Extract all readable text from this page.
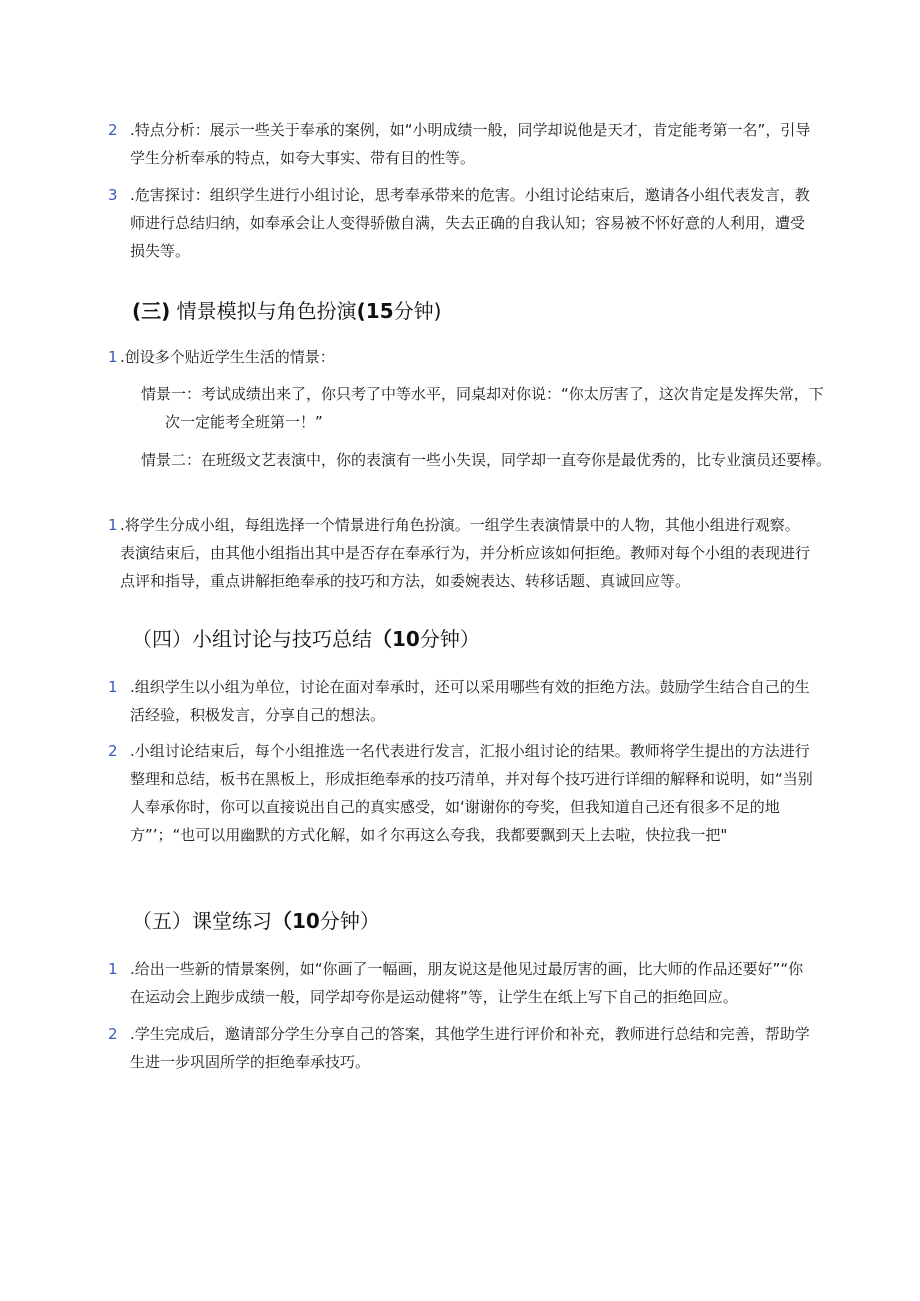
2 .特点分析：展示一些关于奉承的案例，如“小明成绩一般，同学却说他是天才，肯定能考第一名”，引导学生分析奉承的特点，如夸大事实、带有目的性等。
3 .危害探讨：组织学生进行小组讨论，思考奉承带来的危害。小组讨论结束后，邀请各小组代表发言，教师进行总结归纳，如奉承会让人变得骄傲自满，失去正确的自我认知；容易被不怀好意的人利用，遭受损失等。
(三) 情景模拟与角色扮演(15分钟)
1 .创设多个贴近学生生活的情景：
情景一：考试成绩出来了，你只考了中等水平，同桌却对你说：“你太厉害了，这次肯定是发挥失常，下次一定能考全班第一！”
情景二：在班级文艺表演中，你的表演有一些小失误，同学却一直夸你是最优秀的，比专业演员还要棒。
1 .将学生分成小组，每组选择一个情景进行角色扮演。一组学生表演情景中的人物，其他小组进行观察。表演结束后，由其他小组指出其中是否存在奉承行为，并分析应该如何拒绝。教师对每个小组的表现进行点评和指导，重点讲解拒绝奉承的技巧和方法，如委婉表达、转移话题、真诚回应等。
（四）小组讨论与技巧总结（10分钟）
1 .组织学生以小组为单位，讨论在面对奉承时，还可以采用哪些有效的拒绝方法。鼓励学生结合自己的生活经验，积极发言，分享自己的想法。
2 .小组讨论结束后，每个小组推选一名代表进行发言，汇报小组讨论的结果。教师将学生提出的方法进行整理和总结，板书在黑板上，形成拒绝奉承的技巧清单，并对每个技巧进行详细的解释和说明，如“当别人奉承你时，你可以直接说出自己的真实感受，如‘谢谢你的夸奖，但我知道自己还有很多不足的地方”’；“也可以用幽默的方式化解，如彳尔再这么夸我，我都要飘到天上去啦，快拉我一把"
（五）课堂练习（10分钟）
1 .给出一些新的情景案例，如“你画了一幅画，朋友说这是他见过最厉害的画，比大师的作品还要好”“你在运动会上跑步成绩一般，同学却夸你是运动健将”等，让学生在纸上写下自己的拒绝回应。
2 .学生完成后，邀请部分学生分享自己的答案，其他学生进行评价和补充，教师进行总结和完善，帮助学生进一步巩固所学的拒绝奉承技巧。
